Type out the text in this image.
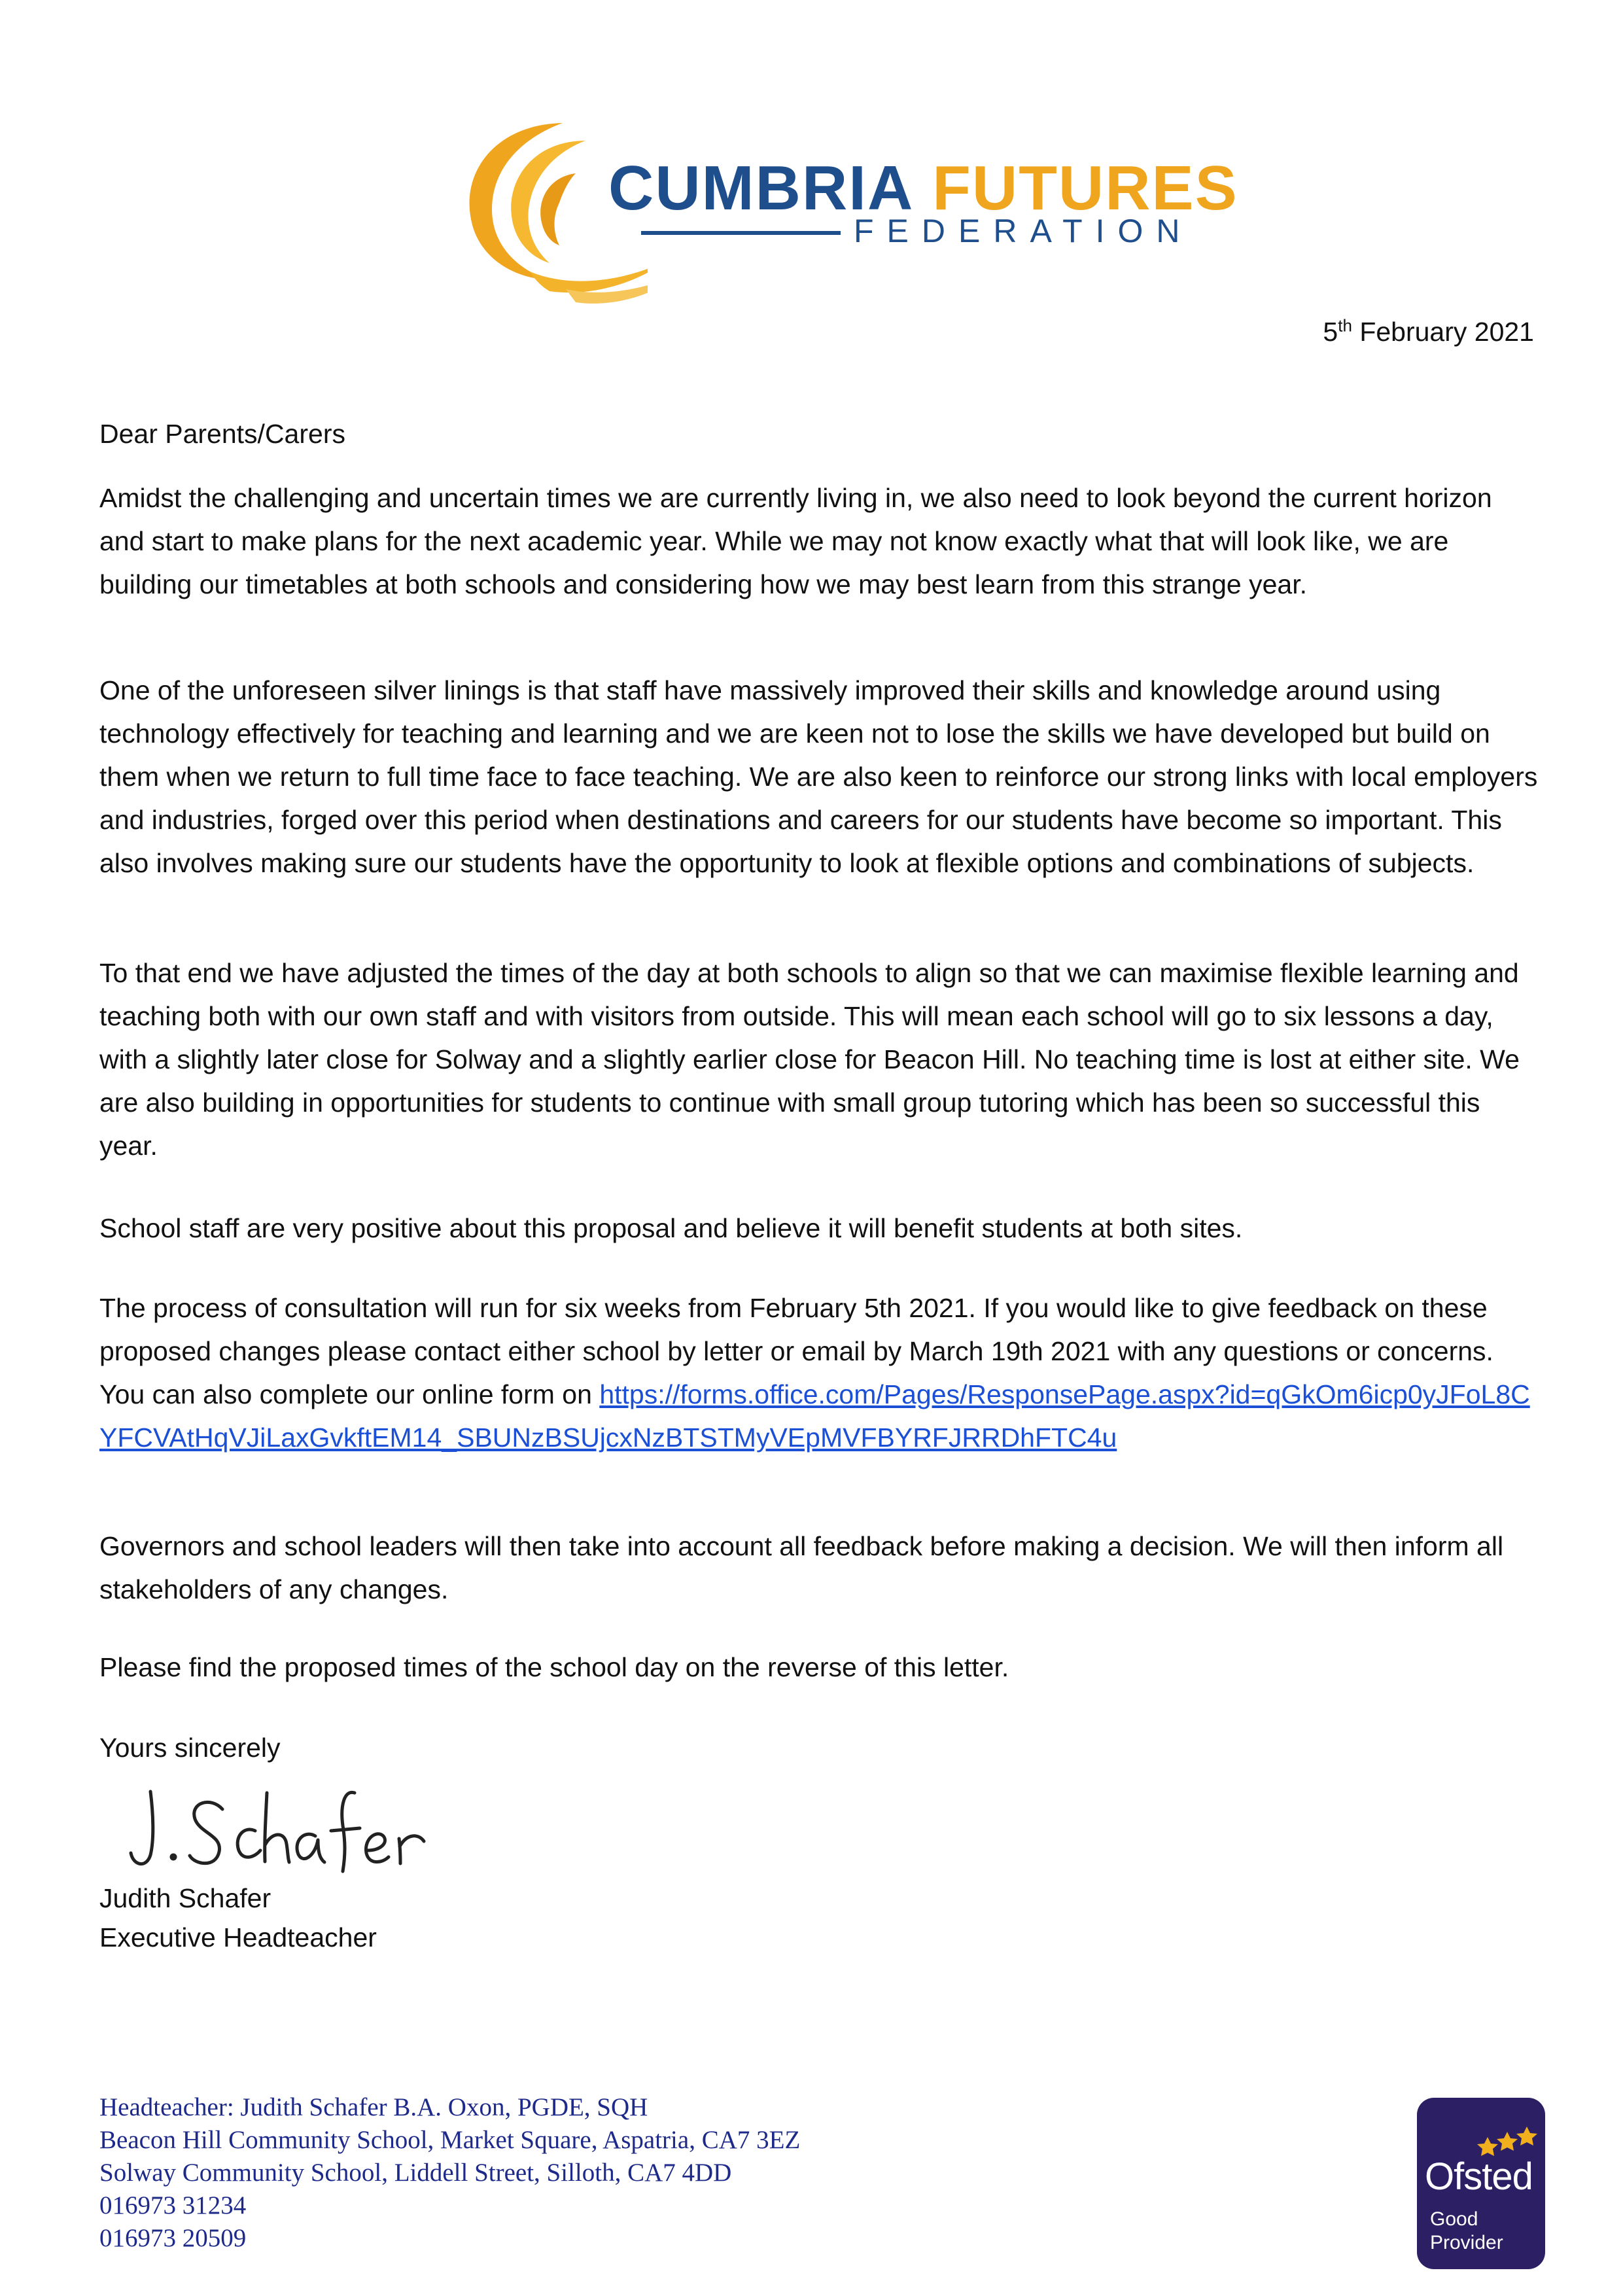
CUMBRIA FUTURES
FEDERATION
5th February 2021
Dear Parents/Carers
Amidst the challenging and uncertain times we are currently living in, we also need to look beyond the current horizon and start to make plans for the next academic year. While we may not know exactly what that will look like, we are building our timetables at both schools and considering how we may best learn from this strange year.
One of the unforeseen silver linings is that staff have massively improved their skills and knowledge around using technology effectively for teaching and learning and we are keen not to lose the skills we have developed but build on them when we return to full time face to face teaching. We are also keen to reinforce our strong links with local employers and industries, forged over this period when destinations and careers for our students have become so important. This also involves making sure our students have the opportunity to look at flexible options and combinations of subjects.
To that end we have adjusted the times of the day at both schools to align so that we can maximise flexible learning and teaching both with our own staff and with visitors from outside. This will mean each school will go to six lessons a day, with a slightly later close for Solway and a slightly earlier close for Beacon Hill. No teaching time is lost at either site. We are also building in opportunities for students to continue with small group tutoring which has been so successful this year.
School staff are very positive about this proposal and believe it will benefit students at both sites.
The process of consultation will run for six weeks from February 5th 2021. If you would like to give feedback on these proposed changes please contact either school by letter or email by March 19th 2021 with any questions or concerns. You can also complete our online form on https://forms.office.com/Pages/ResponsePage.aspx?id=qGkOm6icp0yJFoL8CYFCVAtHqVJiLaxGvkftEM14_SBUNzBSUjcxNzBTSTMyVEpMVFBYRFJRRDhFTC4u
Governors and school leaders will then take into account all feedback before making a decision. We will then inform all stakeholders of any changes.
Please find the proposed times of the school day on the reverse of this letter.
Yours sincerely
Judith Schafer
Executive Headteacher
Headteacher: Judith Schafer B.A. Oxon, PGDE, SQH
Beacon Hill Community School, Market Square, Aspatria, CA7 3EZ
Solway Community School, Liddell Street, Silloth, CA7 4DD
016973 31234
016973 20509
Ofsted
Good
Provider
